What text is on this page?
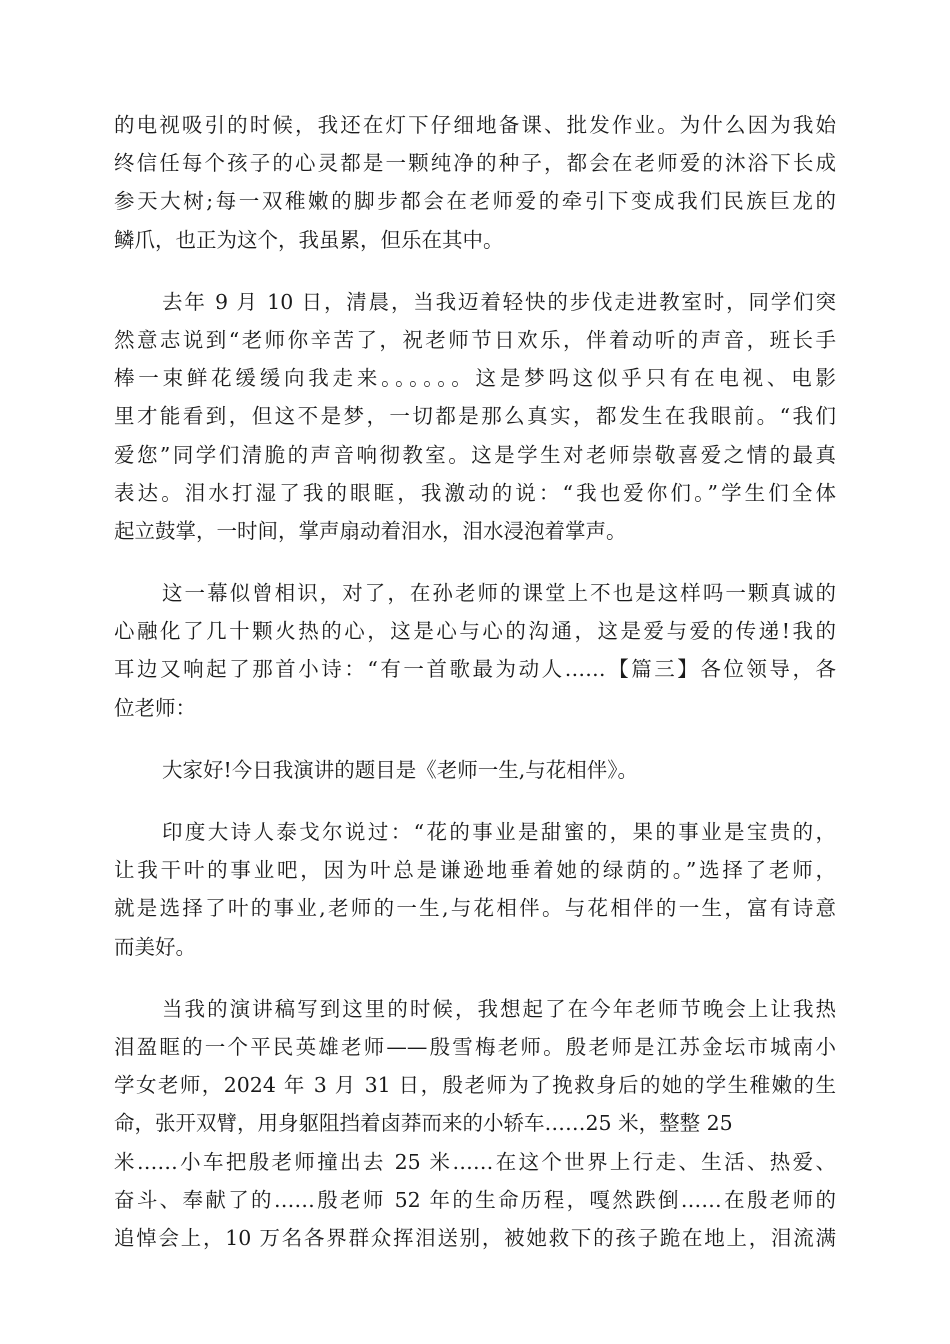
的电视吸引的时候，我还在灯下仔细地备课、批发作业。为什么因为我始
终信任每个孩子的心灵都是一颗纯净的种子，都会在老师爱的沐浴下长成
参天大树;每一双稚嫩的脚步都会在老师爱的牵引下变成我们民族巨龙的
鳞爪，也正为这个，我虽累，但乐在其中。
去年 9 月 10 日，清晨，当我迈着轻快的步伐走进教室时，同学们突
然意志说到“老师你辛苦了，祝老师节日欢乐，伴着动听的声音，班长手
棒一束鲜花缓缓向我走来。。。。。。这是梦吗这似乎只有在电视、电影
里才能看到，但这不是梦，一切都是那么真实，都发生在我眼前。“我们
爱您”同学们清脆的声音响彻教室。这是学生对老师崇敬喜爱之情的最真
表达。泪水打湿了我的眼眶，我激动的说：“我也爱你们。”学生们全体
起立鼓掌，一时间，掌声扇动着泪水，泪水浸泡着掌声。
这一幕似曾相识，对了，在孙老师的课堂上不也是这样吗一颗真诚的
心融化了几十颗火热的心，这是心与心的沟通，这是爱与爱的传递!我的
耳边又响起了那首小诗：“有一首歌最为动人……【篇三】各位领导，各
位老师：
大家好!今日我演讲的题目是《老师一生,与花相伴》。
印度大诗人泰戈尔说过：“花的事业是甜蜜的，果的事业是宝贵的，
让我干叶的事业吧，因为叶总是谦逊地垂着她的绿荫的。”选择了老师，
就是选择了叶的事业,老师的一生,与花相伴。与花相伴的一生，富有诗意
而美好。
当我的演讲稿写到这里的时候，我想起了在今年老师节晚会上让我热
泪盈眶的一个平民英雄老师——殷雪梅老师。殷老师是江苏金坛市城南小
学女老师，2024 年 3 月 31 日，殷老师为了挽救身后的她的学生稚嫩的生
命，张开双臂，用身躯阻挡着卤莽而来的小轿车……25 米，整整 25
米……小车把殷老师撞出去 25 米……在这个世界上行走、生活、热爱、
奋斗、奉献了的……殷老师 52 年的生命历程，嘎然跌倒……在殷老师的
追悼会上，10 万名各界群众挥泪送别，被她救下的孩子跪在地上，泪流满
